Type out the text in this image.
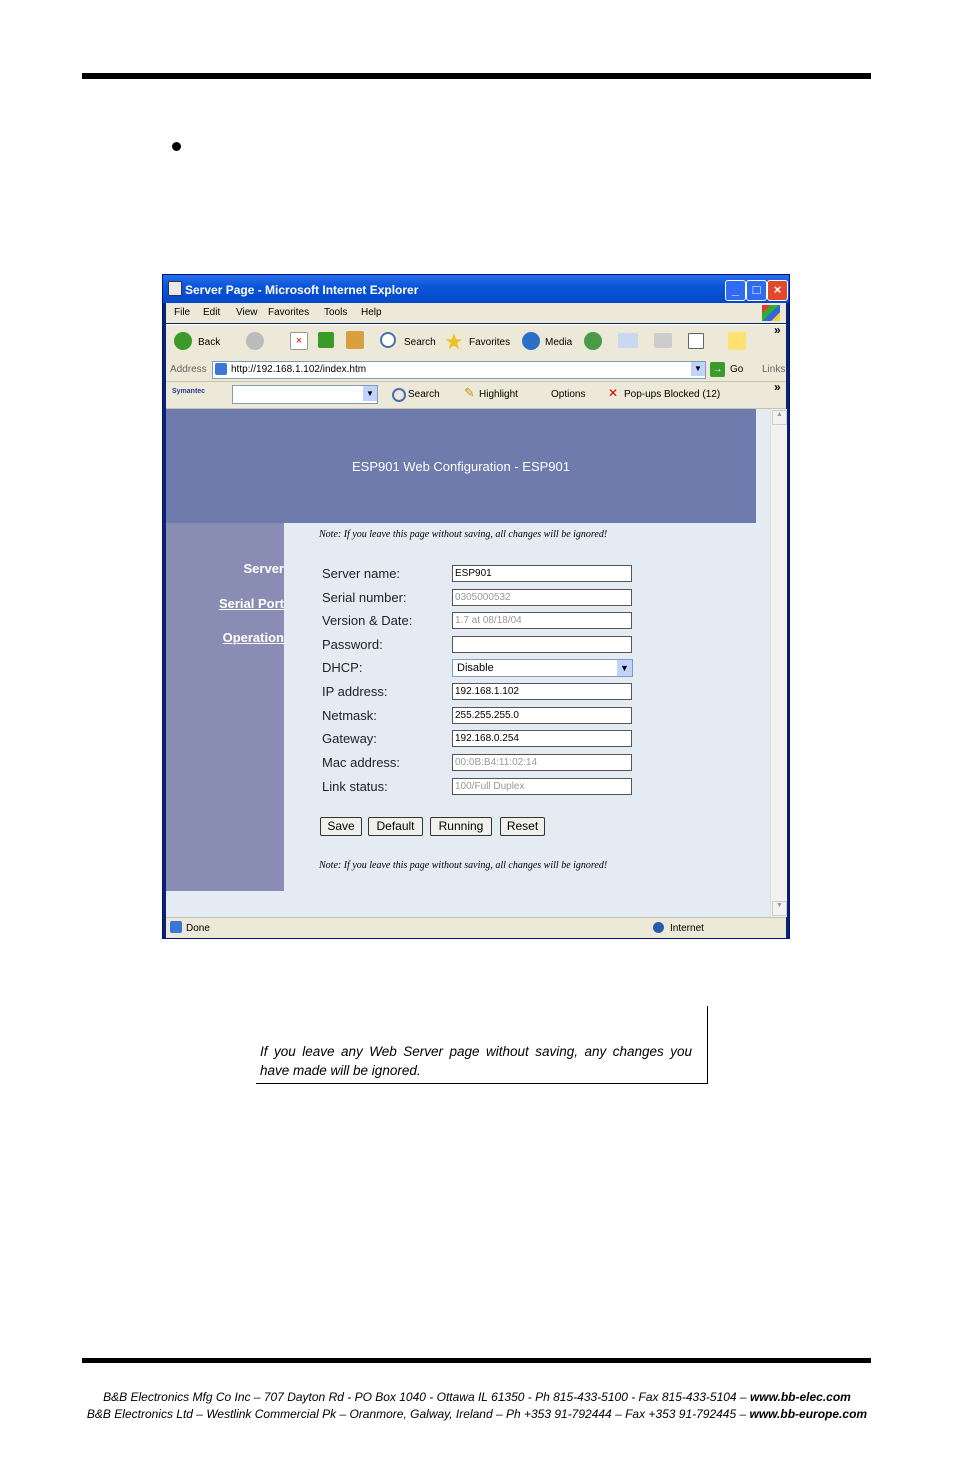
Server Page - Microsoft Internet Explorer	_	□	×
File Edit View Favorites Tools Help
Back	×	Search ★ Favorites	Media
»
Address http://192.168.1.102/index.htm	▼	→ Go Links
Symantec	▼	Search ✎ Highlight	Options ✕ Pop-ups Blocked (12)
»
ESP901 Web Configuration - ESP901
Server
Serial Port
Operation
Note: If you leave this page without saving, all changes will be ignored!
Server name:	ESP901
Serial number:	0305000532
Version & Date:	1.7 at 08/18/04
Password:
DHCP:	Disable	▼
IP address:	192.168.1.102
Netmask:	255.255.255.0
Gateway:	192.168.0.254
Mac address:	00:0B:B4:11:02:14
Link status:	100/Full Duplex
Save	Default	Running	Reset
Note: If you leave this page without saving, all changes will be ignored!
▲
▼
Done	Internet
If you leave any Web Server page without saving, any changes you have made will be ignored.
B&B Electronics Mfg Co Inc – 707 Dayton Rd - PO Box 1040 - Ottawa IL 61350 - Ph 815-433-5100 - Fax 815-433-5104 – www.bb-elec.com
B&B Electronics Ltd – Westlink Commercial Pk – Oranmore, Galway, Ireland – Ph +353 91-792444 – Fax +353 91-792445 – www.bb-europe.com
